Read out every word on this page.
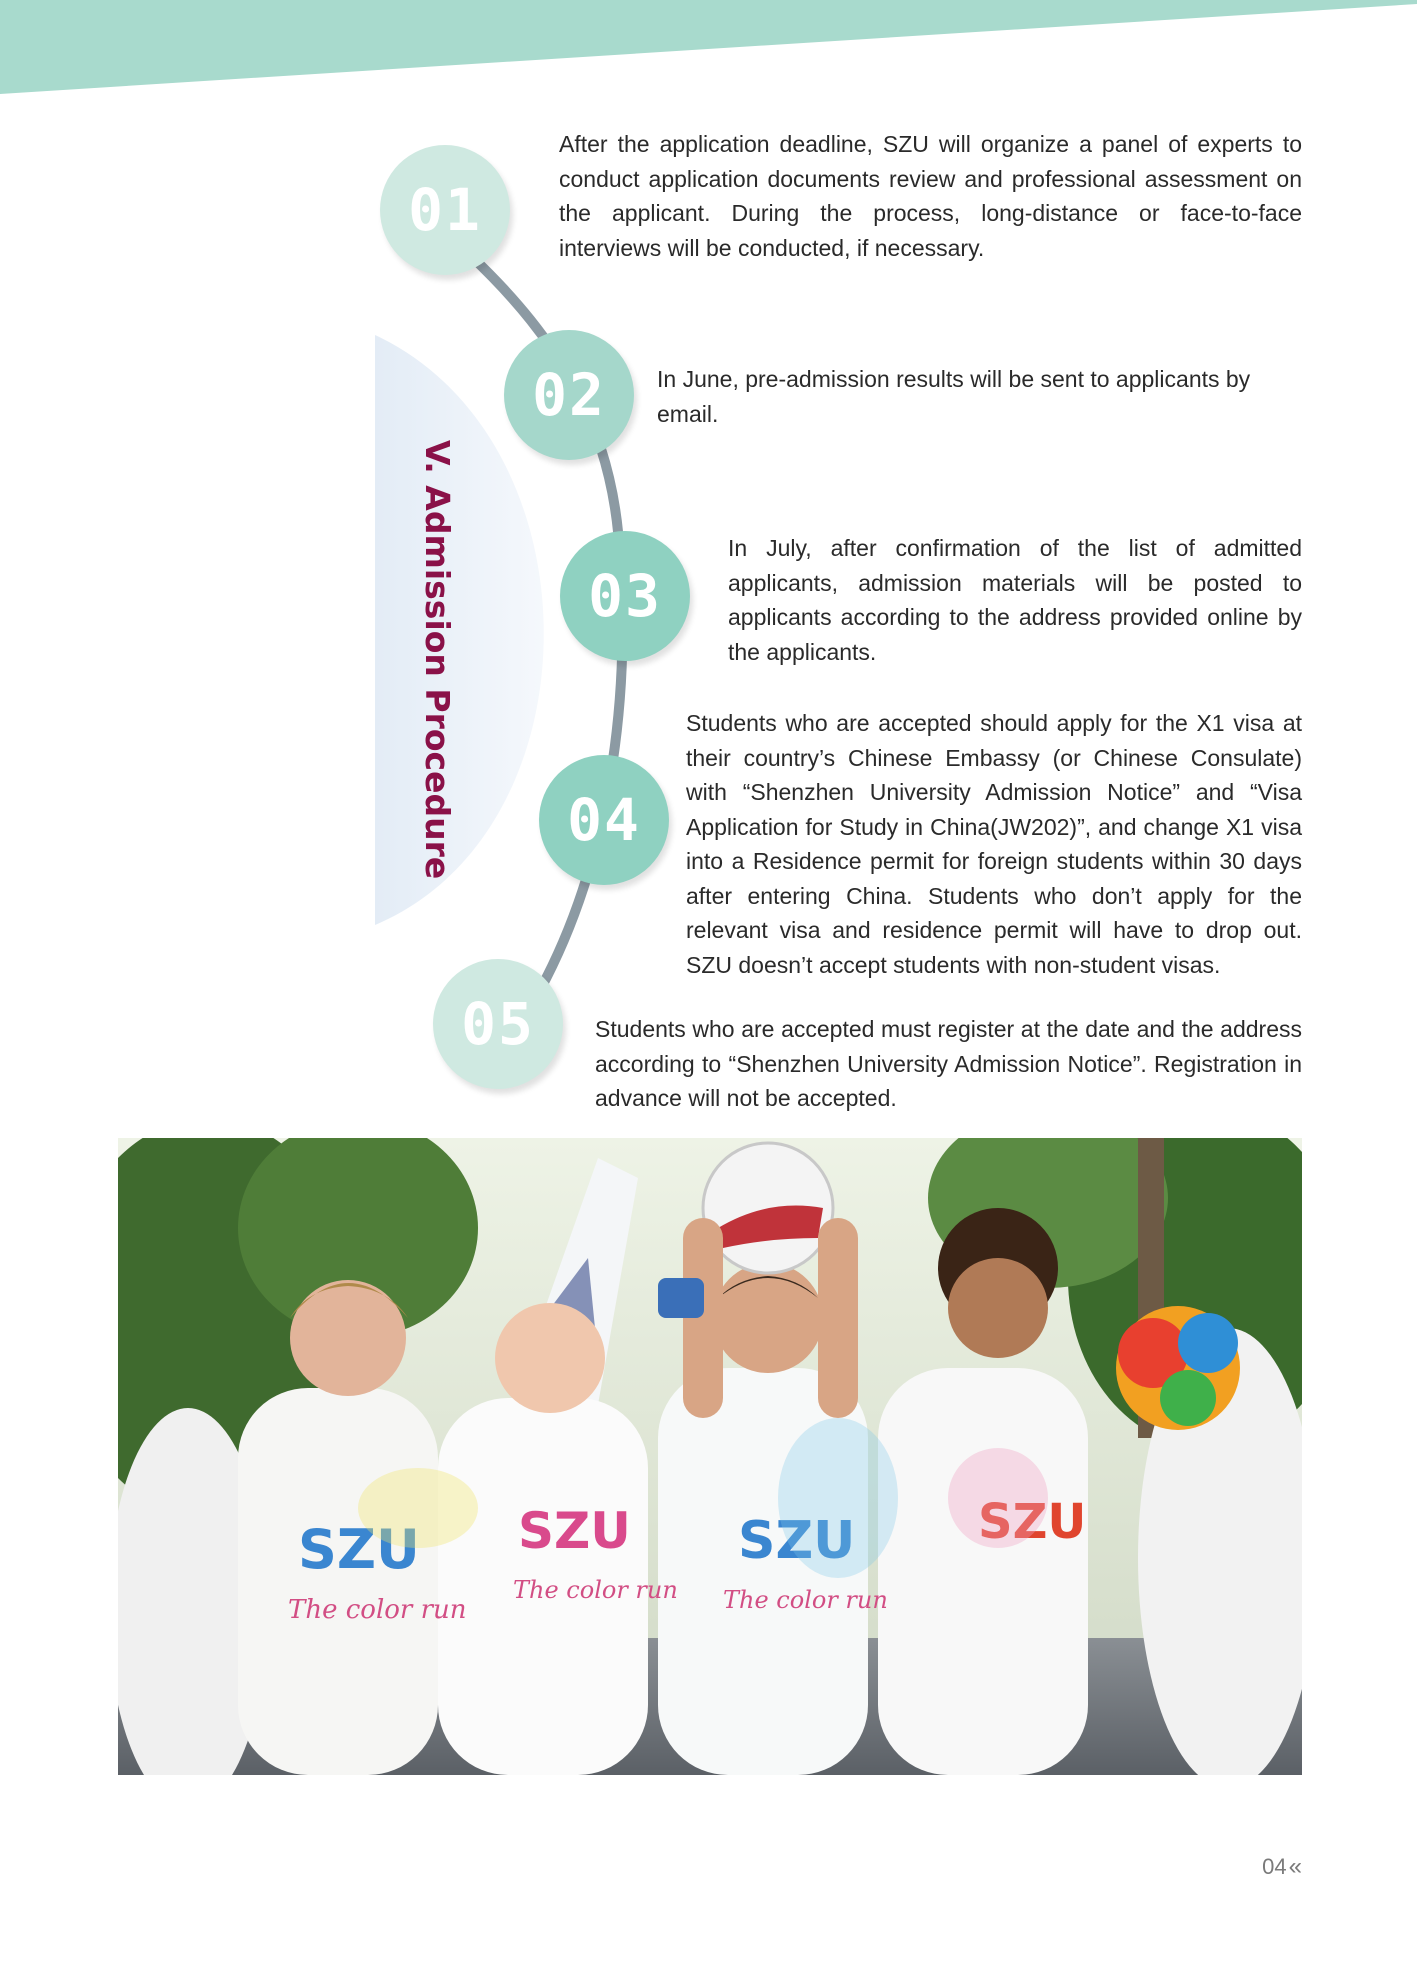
V. Admission Procedure
01
02
03
04
05
After the application deadline, SZU will organize a panel of experts to conduct application documents review and professional assessment on the applicant. During the process, long-distance or face-to-face interviews will be conducted, if necessary.
In June, pre-admission results will be sent to applicants by email.
In July, after confirmation of the list of admitted applicants, admission materials will be posted to applicants according to the address provided online by the applicants.
Students who are accepted should apply for the X1 visa at their country’s Chinese Embassy (or Chinese Consulate) with “Shenzhen University Admission Notice” and “Visa Application for Study in China(JW202)”, and change X1 visa into a Residence permit for foreign students within 30 days after entering China. Students who don’t apply for the relevant visa and residence permit will have to drop out. SZU doesn’t accept students with non-student visas.
Students who are accepted must register at the date and the address according to “Shenzhen University Admission Notice”. Registration in advance will not be accepted.
SZU SZU SZU	SZU
The color run
The color run The color run
04 «
